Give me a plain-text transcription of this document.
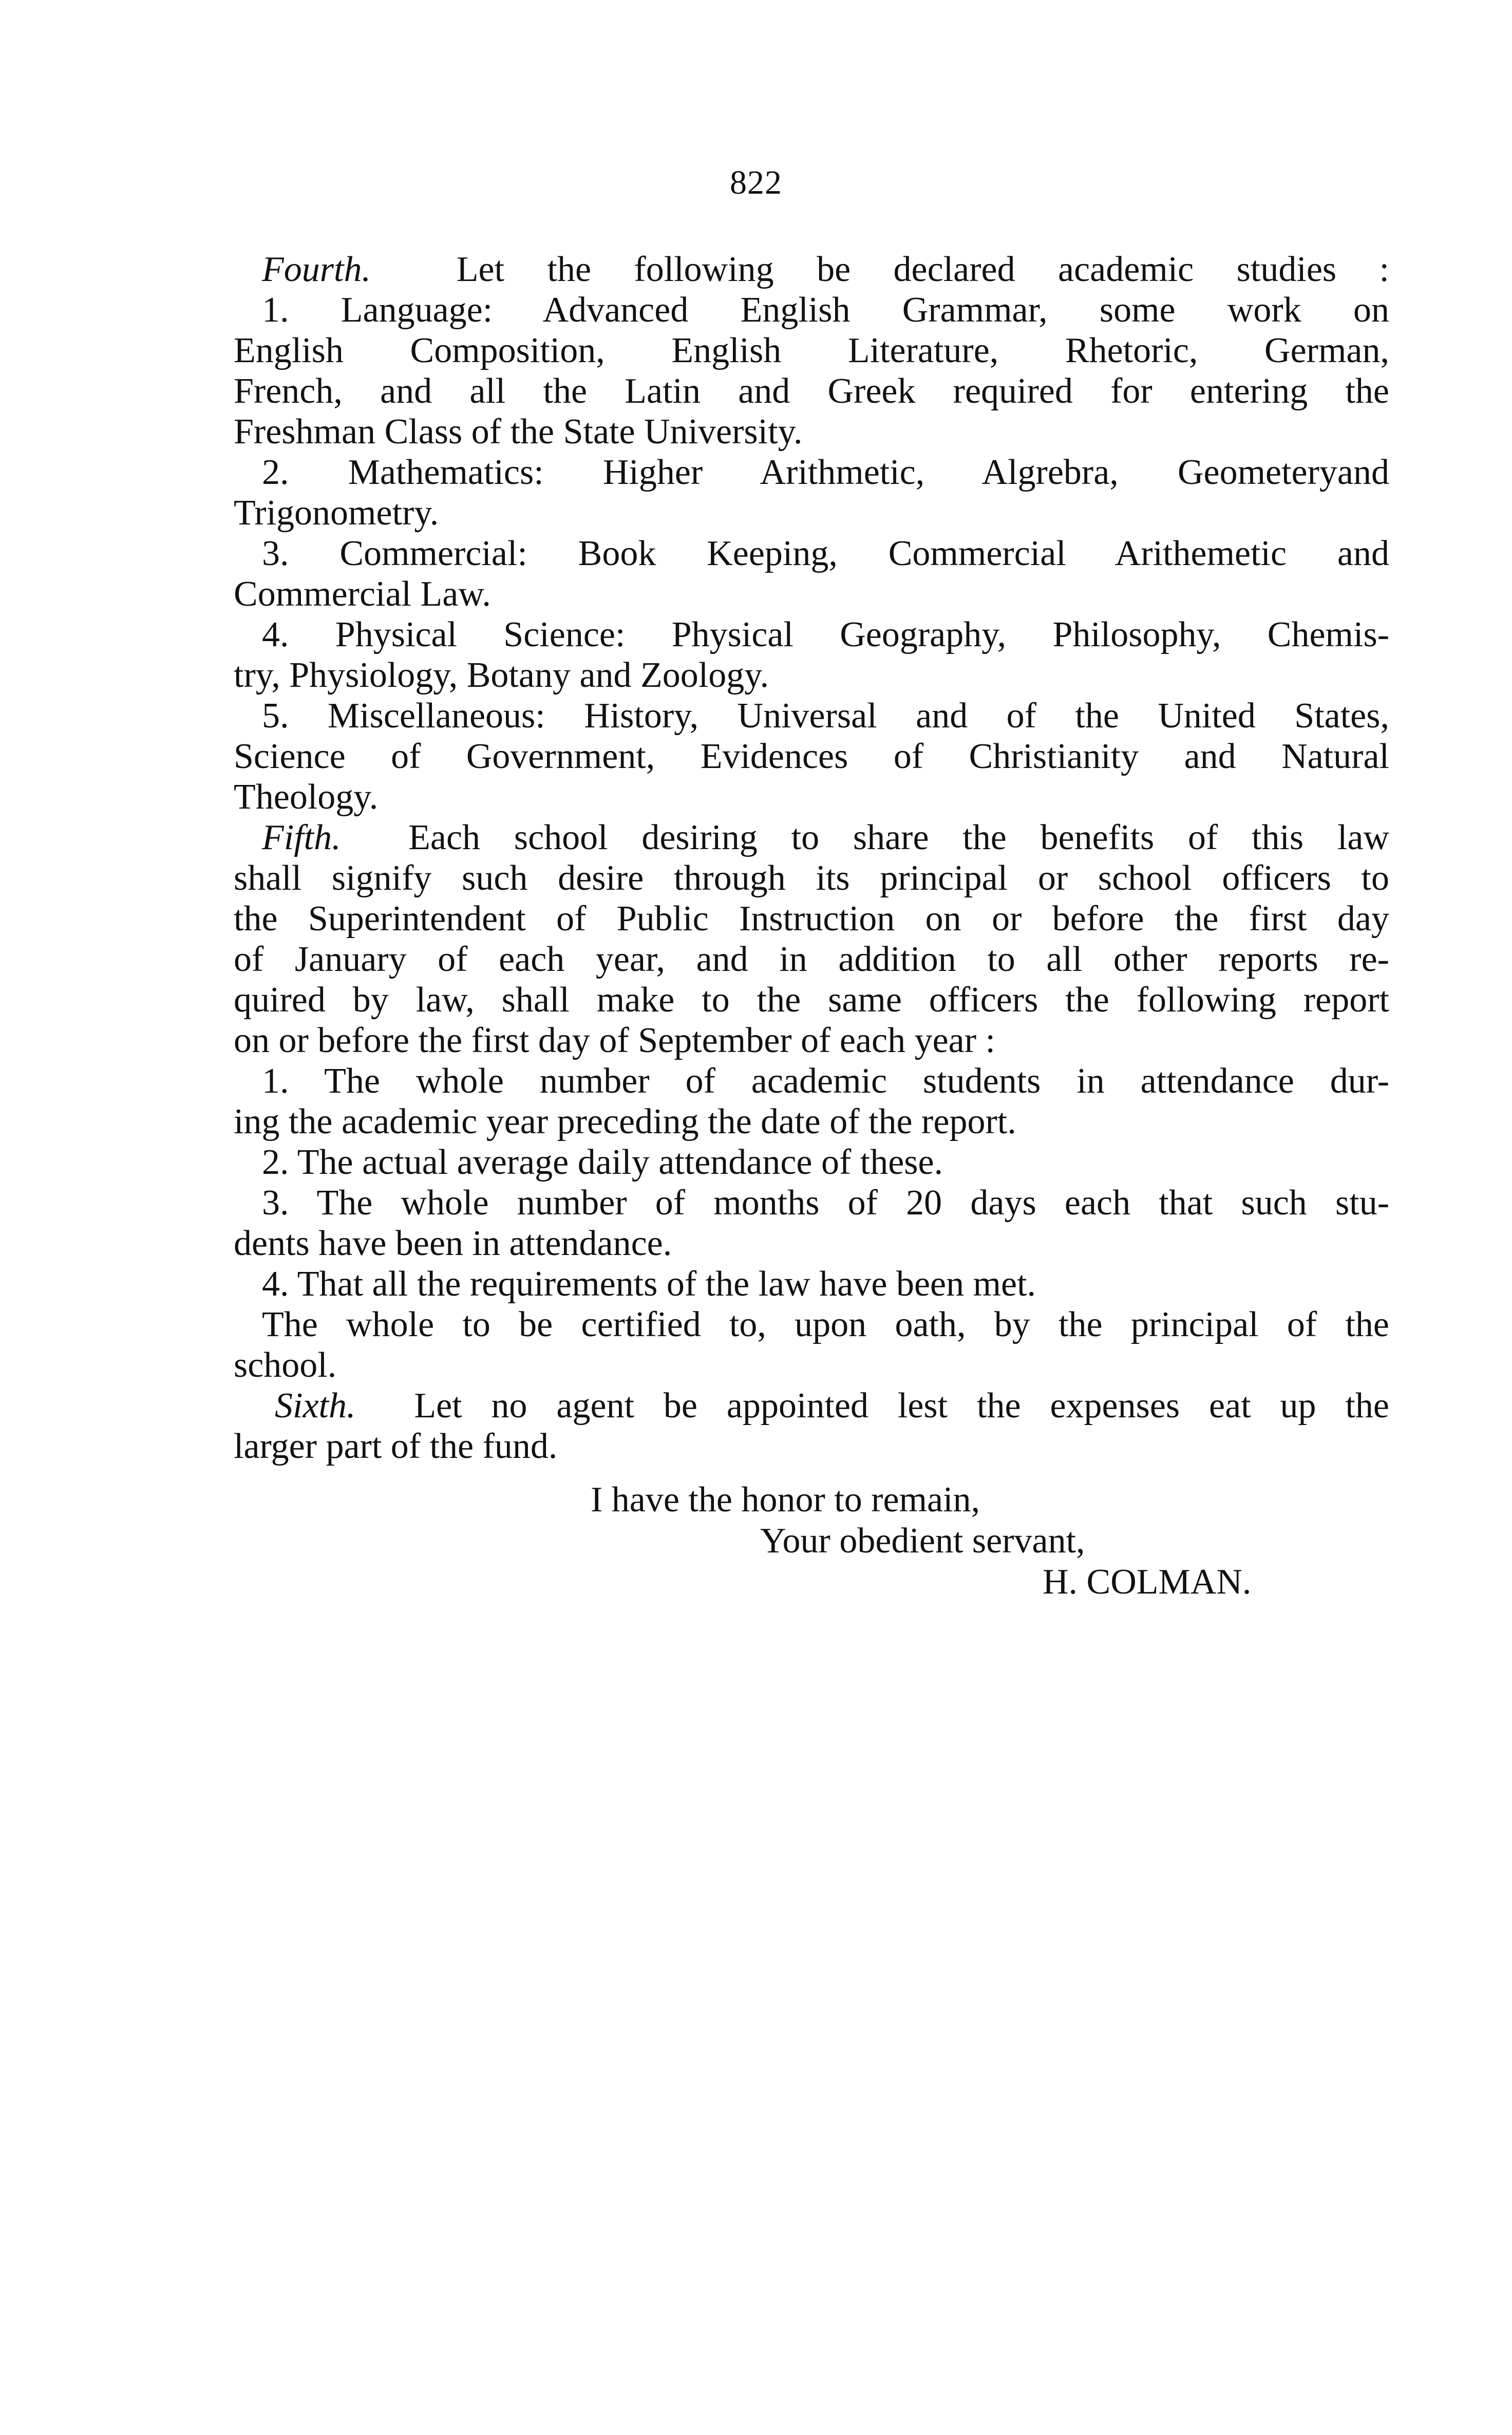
822
Fourth. Let the following be declared academic studies :
1. Language: Advanced English Grammar, some work on
English Composition, English Literature, Rhetoric, German,
French, and all the Latin and Greek required for entering the
Freshman Class of the State University.
2. Mathematics: Higher Arithmetic, Algrebra, Geometeryand
Trigonometry.
3. Commercial: Book Keeping, Commercial Arithemetic and
Commercial Law.
4. Physical Science: Physical Geography, Philosophy, Chemis-
try, Physiology, Botany and Zoology.
5. Miscellaneous: History, Universal and of the United States,
Science of Government, Evidences of Christianity and Natural
Theology.
Fifth. Each school desiring to share the benefits of this law
shall signify such desire through its principal or school officers to
the Superintendent of Public Instruction on or before the first day
of January of each year, and in addition to all other reports re-
quired by law, shall make to the same officers the following report
on or before the first day of September of each year :
1. The whole number of academic students in attendance dur-
ing the academic year preceding the date of the report.
2. The actual average daily attendance of these.
3. The whole number of months of 20 days each that such stu-
dents have been in attendance.
4. That all the requirements of the law have been met.
The whole to be certified to, upon oath, by the principal of the
school.
Sixth. Let no agent be appointed lest the expenses eat up the
larger part of the fund.
I have the honor to remain,
Your obedient servant,
H. COLMAN.
